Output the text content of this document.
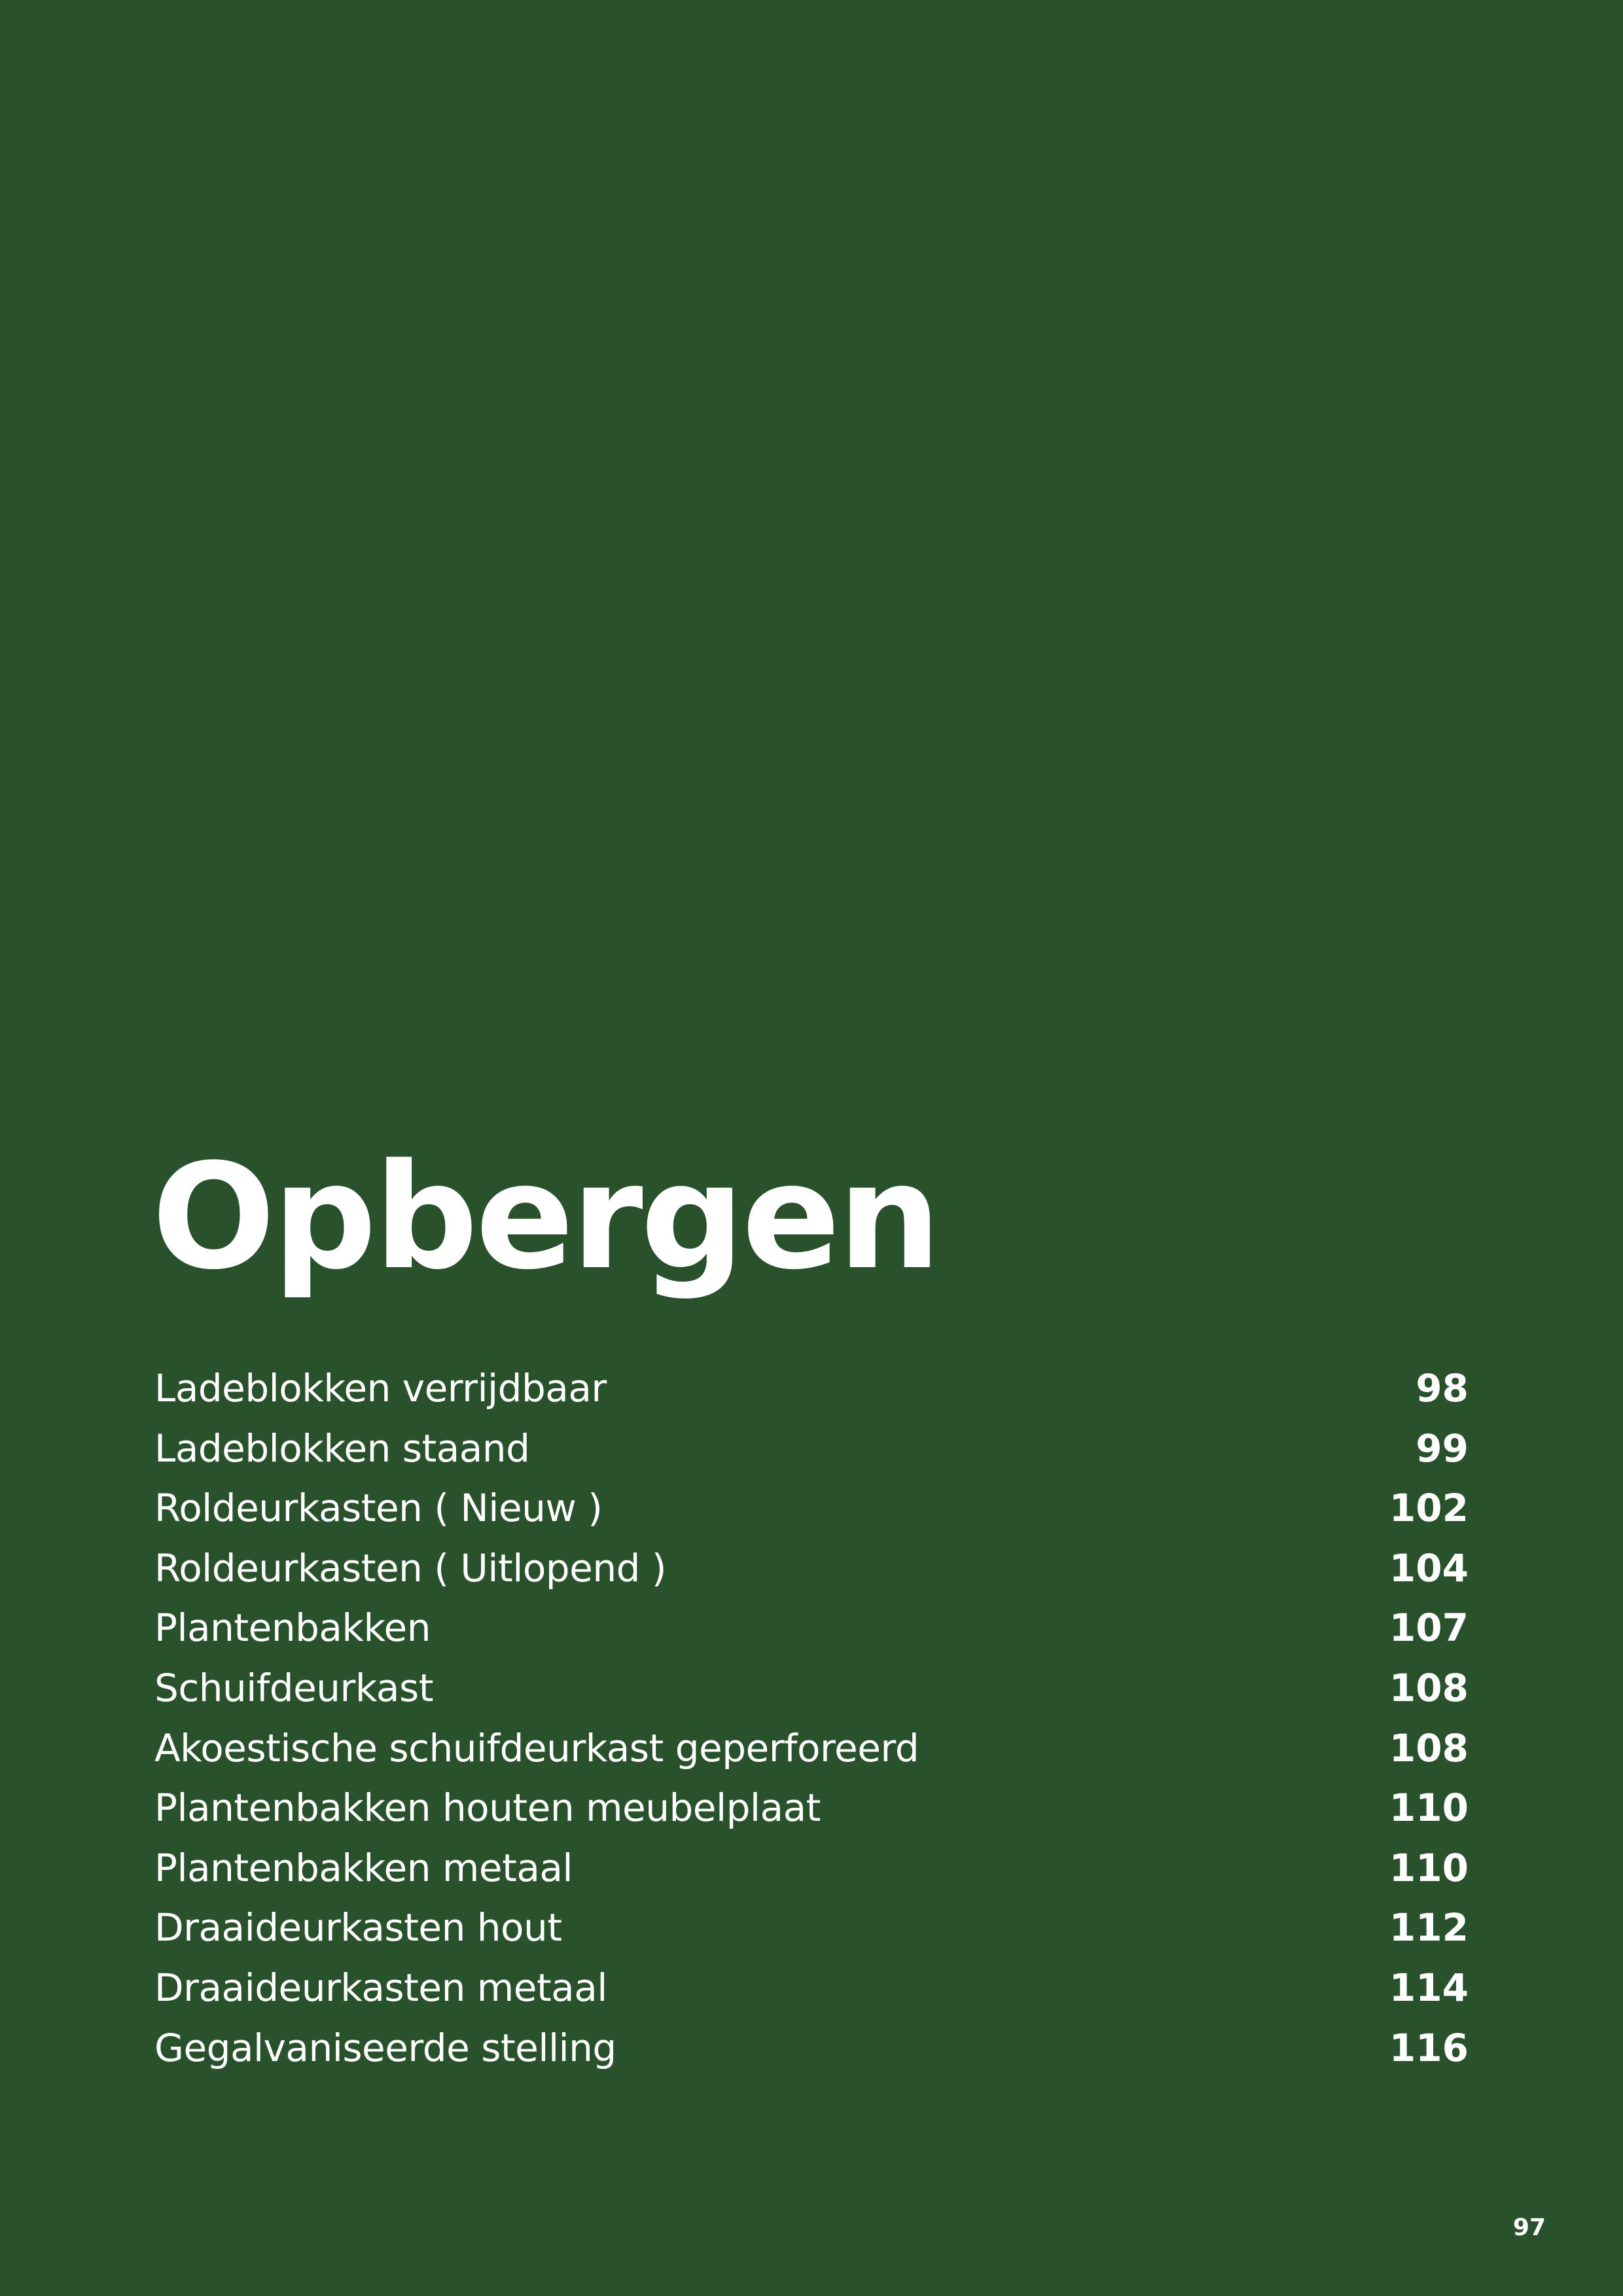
Opbergen
Ladeblokken verrijdbaar	98
Ladeblokken staand	99
Roldeurkasten ( Nieuw )	102
Roldeurkasten ( Uitlopend )	104
Plantenbakken	107
Schuifdeurkast	108
Akoestische schuifdeurkast geperforeerd	108
Plantenbakken houten meubelplaat	110
Plantenbakken metaal	110
Draaideurkasten hout	112
Draaideurkasten metaal	114
Gegalvaniseerde stelling	116
97
